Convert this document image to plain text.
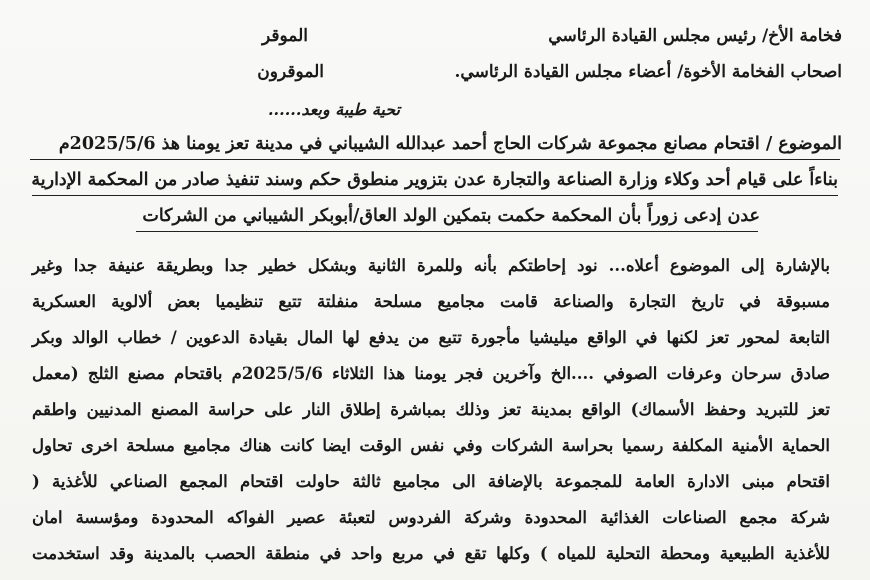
فخامة الأخ/ رئيس مجلس القيادة الرئاسي
الموقر
اصحاب الفخامة الأخوة/ أعضاء مجلس القيادة الرئاسي.
الموقرون
تحية طيبة وبعد......
الموضوع / اقتحام مصانع مجموعة شركات الحاج أحمد عبدالله الشيباني في مدينة تعز يومنا هذ 2025/5/6م
بناءاً على قيام أحد وكلاء وزارة الصناعة والتجارة عدن بتزوير منطوق حكم وسند تنفيذ صادر من المحكمة الإدارية
عدن إدعى زوراً بأن المحكمة حكمت بتمكين الولد العاق/أبوبكر الشيباني من الشركات
بالإشارة إلى الموضوع أعلاه... نود إحاطتكم بأنه وللمرة الثانية وبشكل خطير جدا وبطريقة عنيفة جدا وغير
مسبوقة في تاريخ التجارة والصناعة قامت مجاميع مسلحة منفلتة تتبع تنظيميا بعض ألالوية العسكرية
التابعة لمحور تعز لكنها في الواقع ميليشيا مأجورة تتبع من يدفع لها المال بقيادة الدعوين / خطاب الوالد وبكر
صادق سرحان وعرفات الصوفي ....الخ وآخرين فجر يومنا هذا الثلاثاء 2025/5/6م باقتحام مصنع الثلج (معمل
تعز للتبريد وحفظ الأسماك) الواقع بمدينة تعز وذلك بمباشرة إطلاق النار على حراسة المصنع المدنيين واطقم
الحماية الأمنية المكلفة رسميا بحراسة الشركات وفي نفس الوقت ايضا كانت هناك مجاميع مسلحة اخرى تحاول
اقتحام مبنى الادارة العامة للمجموعة بالإضافة الى مجاميع ثالثة حاولت اقتحام المجمع الصناعي للأغذية (
شركة مجمع الصناعات الغذائية المحدودة وشركة الفردوس لتعبئة عصير الفواكه المحدودة ومؤسسة امان
للأغذية الطبيعية ومحطة التحلية للمياه ) وكلها تقع في مربع واحد في منطقة الحصب بالمدينة وقد استخدمت
